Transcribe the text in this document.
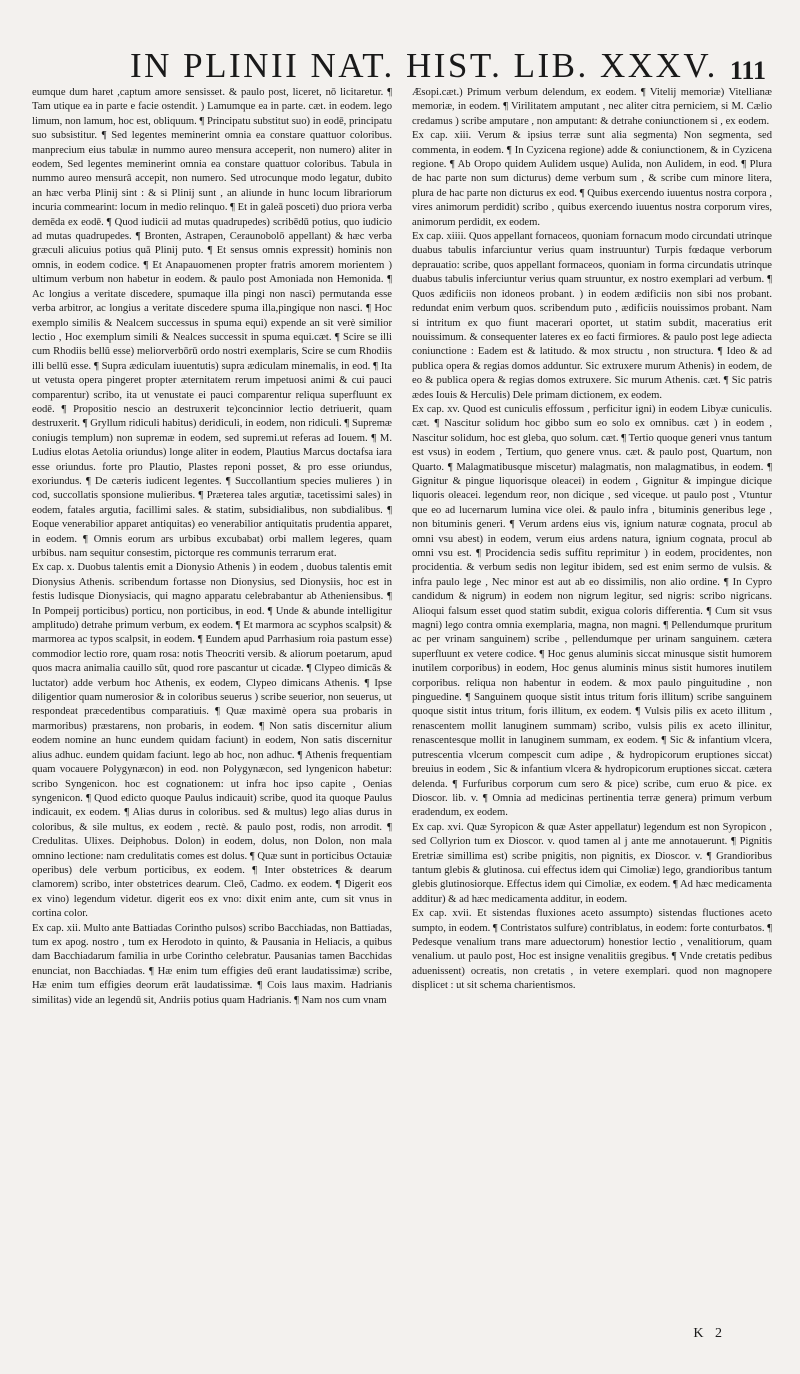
IN PLINII NAT. HIST. LIB. XXXV. 111

eumque dum haret ,captum amore sensisset. & paulo post, liceret, nō licitaretur. ¶ Tam utique ea in parte e facie ostendit. ) Lamumque ea in parte. cæt. in eodem. lego limum, non lamum, hoc est, obliquum. ¶ Principatu substitut suo) in eodē, principatu suo subsistitur. ¶ Sed legentes meminerint omnia ea constare quattuor coloribus. manprecium eius tabulæ in nummo aureo mensura acceperit, non numero) aliter in eodem, Sed legentes meminerint omnia ea constare quattuor coloribus. Tabula in nummo aureo mensurâ accepit, non numero. Sed utrocunque modo legatur, dubito an hæc verba Plinij sint : & si Plinij sunt , an aliunde in hunc locum librariorum incuria commearint: locum in medio relinquo. ¶ Et in galeā posceti) duo priora verba demēda ex eodē. ¶ Quod iudicii ad mutas quadrupedes) scribēdū potius, quo iudicio ad mutas quadrupedes. ¶ Bronten, Astrapen, Ceraunobolō appellant) & hæc verba græculi alicuius potius quā Plinij puto. ¶ Et sensus omnis expressit) hominis non omnis, in eodem codice. ¶ Et Anapauomenen propter fratris amorem morientem ) ultimum verbum non habetur in eodem. & paulo post Amoniada non Hemonida. ¶ Ac longius a veritate discedere, spumaque illa pingi non nasci) permutanda esse verba arbitror, ac longius a veritate discedere spuma illa,pingique non nasci. ¶ Hoc exemplo similis & Nealcem successus in spuma equi) expende an sit verè similior lectio , Hoc exemplum simili & Nealces successit in spuma equi.cæt. ¶ Scire se illi cum Rhodiis bellū esse) meliorverbōrū ordo nostri exemplaris, Scire se cum Rhodiis illi bellū esse. ¶ Supra ædiculam iuuentutis) supra ædiculam minemalis, in eod. ¶ Ita ut vetusta opera pingeret propter æternitatem rerum impetuosi animi & cui pauci comparentur) scribo, ita ut venustate ei pauci comparentur reliqua superfluunt ex eodē. ¶ Propositio nescio an destruxerit te)concinnior lectio detriuerit, quam destruxerit. ¶ Gryllum ridiculi habitus) deridiculi, in eodem, non ridiculi. ¶ Supremæ coniugis templum) non supremæ in eodem, sed supremi.ut referas ad Iouem. ¶ M. Ludius elotas Aetolia oriundus) longe aliter in eodem, Plautius Marcus doctafsa iara esse oriundus. forte pro Plautio, Plastes reponi posset, & pro esse oriundus, exoriundus. ¶ De cæteris iudicent legentes. ¶ Succollantium species mulieres ) in cod, succollatis sponsione mulieribus. ¶ Præterea tales argutiæ, tacetissimi sales) in eodem, fatales argutia, facillimi sales. & statim, subsidialibus, non subdialibus. ¶ Eoque venerabilior apparet antiquitas) eo venerabilior antiquitatis prudentia apparet, in eodem. ¶ Omnis eorum ars urbibus excubabat) orbi mallem legeres, quam urbibus. nam sequitur consestim, pictorque res communis terrarum erat.

Ex cap. x. Duobus talentis emit a Dionysio Athenis ) in eodem , duobus talentis emit Dionysius Athenis. scribendum fortasse non Dionysius, sed Dionysiis, hoc est in festis ludisque Dionysiacis, qui magno apparatu celebrabantur ab Atheniensibus. ¶ In Pompeij porticibus) porticu, non porticibus, in eod. ¶ Unde & abunde intelligitur amplitudo) detrahe primum verbum, ex eodem. ¶ Et marmora ac scyphos scalpsit) & marmorea ac typos scalpsit, in eodem. ¶ Eundem apud Parrhasium roia pastum esse) commodior lectio rore, quam rosa: notis Theocriti versib. & aliorum poetarum, apud quos macra animalia cauillo sūt, quod rore pascantur ut cicadæ. ¶ Clypeo dimicās & luctator) adde verbum hoc Athenis, ex eodem, Clypeo dimicans Athenis. ¶ Ipse diligentior quam numerosior & in coloribus seuerus ) scribe seuerior, non seuerus, ut respondeat præcedentibus comparatiuis. ¶ Quæ maximè opera sua probaris in marmoribus) præstarens, non probaris, in eodem. ¶ Non satis discernitur alium eodem nomine an hunc eundem quidam faciunt) in eodem, Non satis discernitur alius adhuc. eundem quidam faciunt. lego ab hoc, non adhuc. ¶ Athenis frequentiam quam vocauere Polygynæcon) in eod. non Polygynæcon, sed lyngenicon habetur: scribo Syngenicon. hoc est cognationem: ut infra hoc ipso capite , Oenias syngenicon. ¶ Quod edicto quoque Paulus indicauit) scribe, quod ita quoque Paulus indicauit, ex eodem. ¶ Alias durus in coloribus. sed & multus) lego alias durus in coloribus, & sile multus, ex eodem , rectè. & paulo post, rodis, non arrodit. ¶ Credulitas. Ulixes. Deiphobus. Dolon) in eodem, dolus, non Dolon, non mala omnino lectione: nam credulitatis comes est dolus. ¶ Quæ sunt in porticibus Octauiæ operibus) dele verbum porticibus, ex eodem. ¶ Inter obstetrices & dearum clamorem) scribo, inter obstetrices dearum. Cleō, Cadmo. ex eodem. ¶ Digerit eos ex vino) legendum videtur. digerit eos ex vno: dixit enim ante, cum sit vnus in cortina color.

Ex cap. xii. Multo ante Battiadas Corintho pulsos) scribo Bacchiadas, non Battiadas, tum ex apog. nostro , tum ex Herodoto in quinto, & Pausania in Heliacis, a quibus dam Bacchiadarum familia in urbe Corintho celebratur. Pausanias tamen Bacchidas enunciat, non Bacchiadas. ¶ Hæ enim tum effigies deū erant laudatissimæ) scribe, Hæ enim tum effigies deorum erāt laudatissimæ. ¶ Cois laus maxim. Hadrianis similitas) vide an legendū sit, Andriis potius quam Hadrianis. ¶ Nam nos cum vnam

Æsopi.cæt.) Primum verbum delendum, ex eodem. ¶ Vitelij memoriæ) Vitellianæ memoriæ, in eodem. ¶ Virilitatem amputant , nec aliter citra perniciem, si M. Cælio credamus ) scribe amputare , non amputant: & detrahe coniunctionem si , ex eodem.

Ex cap. xiii. Verum & ipsius terræ sunt alia segmenta) Non segmenta, sed commenta, in eodem. ¶ In Cyzicena regione) adde & coniunctionem, & in Cyzicena regione. ¶ Ab Oropo quidem Aulidem usque) Aulida, non Aulidem, in eod. ¶ Plura de hac parte non sum dicturus) deme verbum sum , & scribe cum minore litera, plura de hac parte non dicturus ex eod. ¶ Quibus exercendo iuuentus nostra corpora , vires animorum perdidit) scribo , quibus exercendo iuuentus nostra corporum vires, animorum perdidit, ex eodem.

Ex cap. xiiii. Quos appellant fornaceos, quoniam fornacum modo circundati utrinque duabus tabulis infarciuntur verius quam instruuntur) Turpis fœdaque verborum deprauatio: scribe, quos appellant formaceos, quoniam in forma circundatis utrinque duabus tabulis inferciuntur verius quam struuntur, ex nostro exemplari ad verbum. ¶ Quos ædificiis non idoneos probant. ) in eodem ædificiis non sibi nos probant. redundat enim verbum quos. scribendum puto , ædificiis nouissimos probant. Nam si intritum ex quo fiunt macerari oportet, ut statim subdit, maceratius erit nouissimum. & consequenter lateres ex eo facti firmiores. & paulo post lege adiecta coniunctione : Eadem est & latitudo. & mox structu , non structura. ¶ Ideo & ad publica opera & regias domos adduntur. Sic extruxere murum Athenis) in eodem, de eo & publica opera & regias domos extruxere. Sic murum Athenis. cæt. ¶ Sic patris ædes Iouis & Herculis) Dele primam dictionem, ex eodem.

Ex cap. xv. Quod est cuniculis effossum , perficitur igni) in eodem Libyæ cuniculis. cæt. ¶ Nascitur solidum hoc gibbo sum eo solo ex omnibus. cæt ) in eodem , Nascitur solidum, hoc est gleba, quo solum. cæt. ¶ Tertio quoque generi vnus tantum est vsus) in eodem , Tertium, quo genere vnus. cæt. & paulo post, Quartum, non Quarto. ¶ Malagmatibusque miscetur) malagmatis, non malagmatibus, in eodem. ¶ Gignitur & pingue liquorisque oleacei) in eodem , Gignitur & impingue dicique liquoris oleacei. legendum reor, non dicique , sed viceque. ut paulo post , Vtuntur que eo ad lucernarum lumina vice olei. & paulo infra , bituminis generibus lege , non bituminis generi. ¶ Verum ardens eius vis, ignium naturæ cognata, procul ab omni vsu abest) in eodem, verum eius ardens natura, ignium cognata, procul ab omni vsu est. ¶ Procidencia sedis suffitu reprimitur ) in eodem, procidentes, non procidentia. & verbum sedis non legitur ibidem, sed est enim sermo de vulsis. & infra paulo lege , Nec minor est aut ab eo dissimilis, non alio ordine. ¶ In Cypro candidum & nigrum) in eodem non nigrum legitur, sed nigris: scribo nigricans. Alioqui falsum esset quod statim subdit, exigua coloris differentia. ¶ Cum sit vsus magni) lego contra omnia exemplaria, magna, non magni. ¶ Pellendumque pruritum ac per vrinam sanguinem) scribe , pellendumque per urinam sanguinem. cætera superfluunt ex vetere codice. ¶ Hoc genus aluminis siccat minusque sistit humorem inutilem corporibus) in eodem, Hoc genus aluminis minus sistit humores inutilem corporibus. reliqua non habentur in eodem. & mox paulo pinguitudine , non pinguedine. ¶ Sanguinem quoque sistit intus tritum foris illitum) scribe sanguinem quoque sistit intus tritum, foris illitum, ex eodem. ¶ Vulsis pilis ex aceto illitum , renascentem mollit lanuginem summam) scribo, vulsis pilis ex aceto illinitur, renascentesque mollit in lanuginem summam, ex eodem. ¶ Sic & infantium vlcera, putrescentia vlcerum compescit cum adipe , & hydropicorum eruptiones siccat) breuius in eodem , Sic & infantium vlcera & hydropicorum eruptiones siccat. cætera delenda. ¶ Furfuribus corporum cum sero & pice) scribe, cum eruo & pice. ex Dioscor. lib. v. ¶ Omnia ad medicinas pertinentia terræ genera) primum verbum eradendum, ex eodem.

Ex cap. xvi. Quæ Syropicon & quæ Aster appellatur) legendum est non Syropicon , sed Collyrion tum ex Dioscor. v. quod tamen al j ante me annotauerunt. ¶ Pignitis Eretriæ simillima est) scribe pnigitis, non pignitis, ex Dioscor. v. ¶ Grandioribus tantum glebis & glutinosa. cui effectus idem qui Cimoliæ) lego, grandioribus tantum glebis glutinosiorque. Effectus idem qui Cimoliæ, ex eodem. ¶ Ad hæc medicamenta additur) & ad hæc medicamenta additur, in eodem.

Ex cap. xvii. Et sistendas fluxiones aceto assumpto) sistendas fluctiones aceto sumpto, in eodem. ¶ Contristatos sulfure) contriblatus, in eodem: forte conturbatos. ¶ Pedesque venalium trans mare aduectorum) honestior lectio , venalitiorum, quam venalium. ut paulo post, Hoc est insigne venalitiis gregibus. ¶ Vnde cretatis pedibus aduenissent) ocreatis, non cretatis , in vetere exemplari. quod non magnopere displicet : ut sit schema charientismos.

K 2
